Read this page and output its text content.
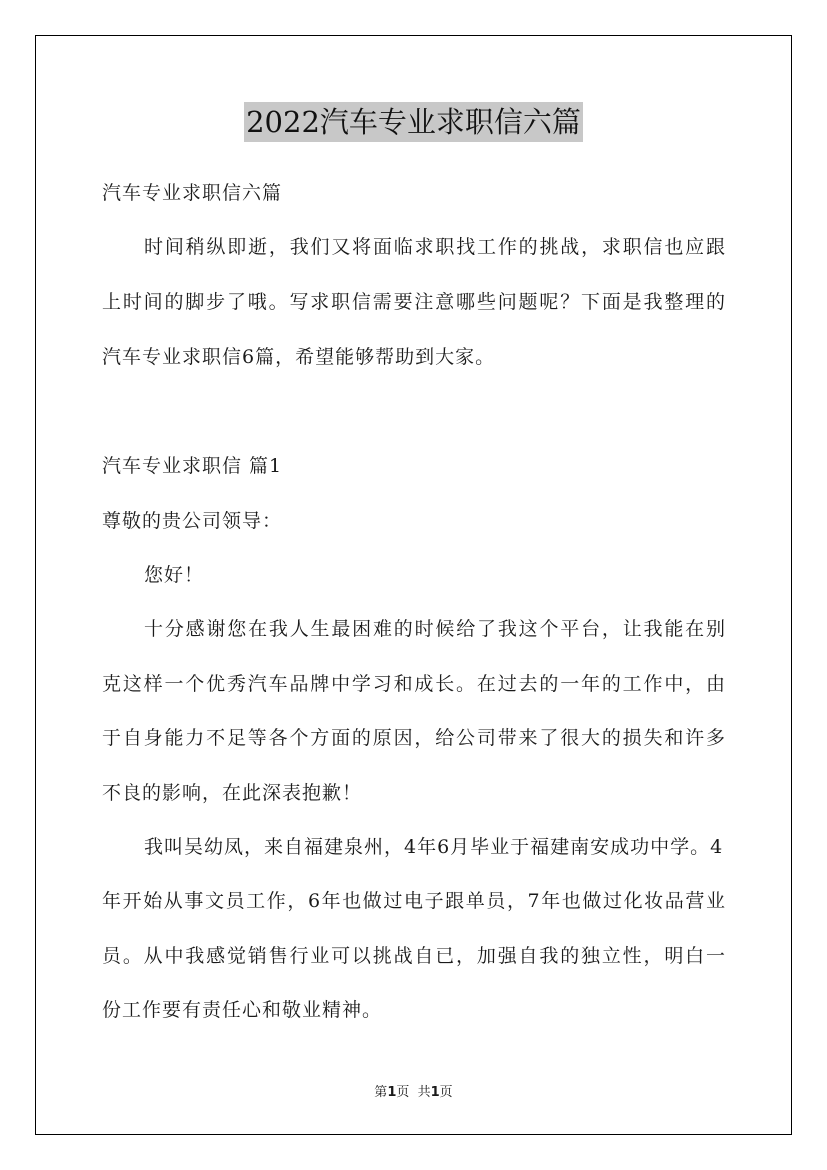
2022汽车专业求职信六篇
汽车专业求职信六篇
时间稍纵即逝，我们又将面临求职找工作的挑战，求职信也应跟
上时间的脚步了哦。写求职信需要注意哪些问题呢？下面是我整理的
汽车专业求职信6篇，希望能够帮助到大家。
汽车专业求职信 篇1
尊敬的贵公司领导：
您好！
十分感谢您在我人生最困难的时候给了我这个平台，让我能在别
克这样一个优秀汽车品牌中学习和成长。在过去的一年的工作中，由
于自身能力不足等各个方面的原因，给公司带来了很大的损失和许多
不良的影响，在此深表抱歉！
我叫吴幼凤，来自福建泉州，4年6月毕业于福建南安成功中学。4
年开始从事文员工作，6年也做过电子跟单员，7年也做过化妆品营业
员。从中我感觉销售行业可以挑战自已，加强自我的独立性，明白一
份工作要有责任心和敬业精神。
第1页  共1页
